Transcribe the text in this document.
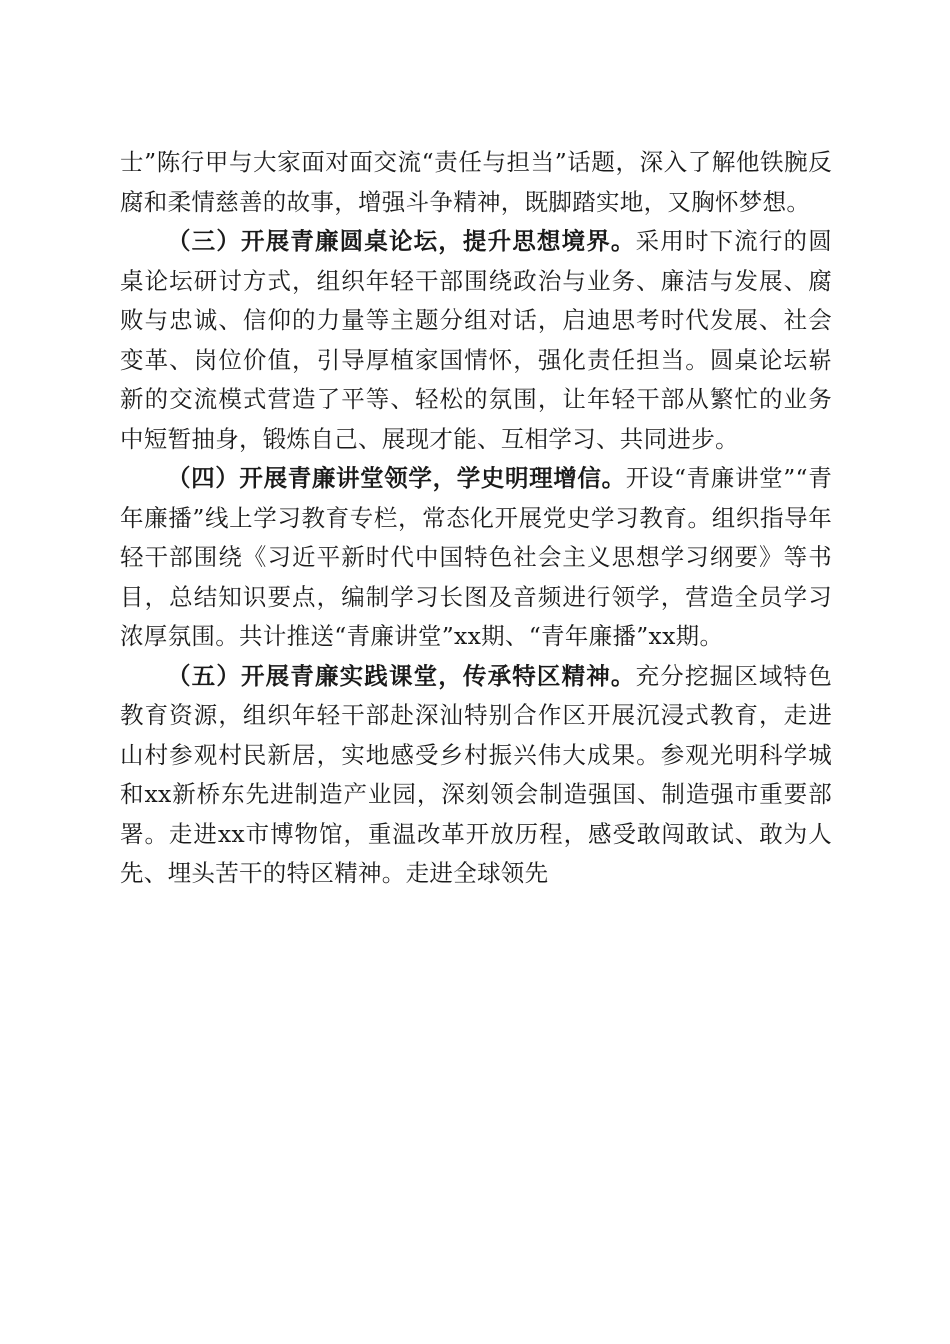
士”陈行甲与大家面对面交流“责任与担当”话题，深入了解他铁腕反腐和柔情慈善的故事，增强斗争精神，既脚踏实地，又胸怀梦想。

（三）开展青廉圆桌论坛，提升思想境界。采用时下流行的圆桌论坛研讨方式，组织年轻干部围绕政治与业务、廉洁与发展、腐败与忠诚、信仰的力量等主题分组对话，启迪思考时代发展、社会变革、岗位价值，引导厚植家国情怀，强化责任担当。圆桌论坛崭新的交流模式营造了平等、轻松的氛围，让年轻干部从繁忙的业务中短暂抽身，锻炼自己、展现才能、互相学习、共同进步。

（四）开展青廉讲堂领学，学史明理增信。开设“青廉讲堂”“青年廉播”线上学习教育专栏，常态化开展党史学习教育。组织指导年轻干部围绕《习近平新时代中国特色社会主义思想学习纲要》等书目，总结知识要点，编制学习长图及音频进行领学，营造全员学习浓厚氛围。共计推送“青廉讲堂”xx期、“青年廉播”xx期。

（五）开展青廉实践课堂，传承特区精神。充分挖掘区域特色教育资源，组织年轻干部赴深汕特别合作区开展沉浸式教育，走进山村参观村民新居，实地感受乡村振兴伟大成果。参观光明科学城和xx新桥东先进制造产业园，深刻领会制造强国、制造强市重要部署。走进xx市博物馆，重温改革开放历程，感受敢闯敢试、敢为人先、埋头苦干的特区精神。走进全球领先
